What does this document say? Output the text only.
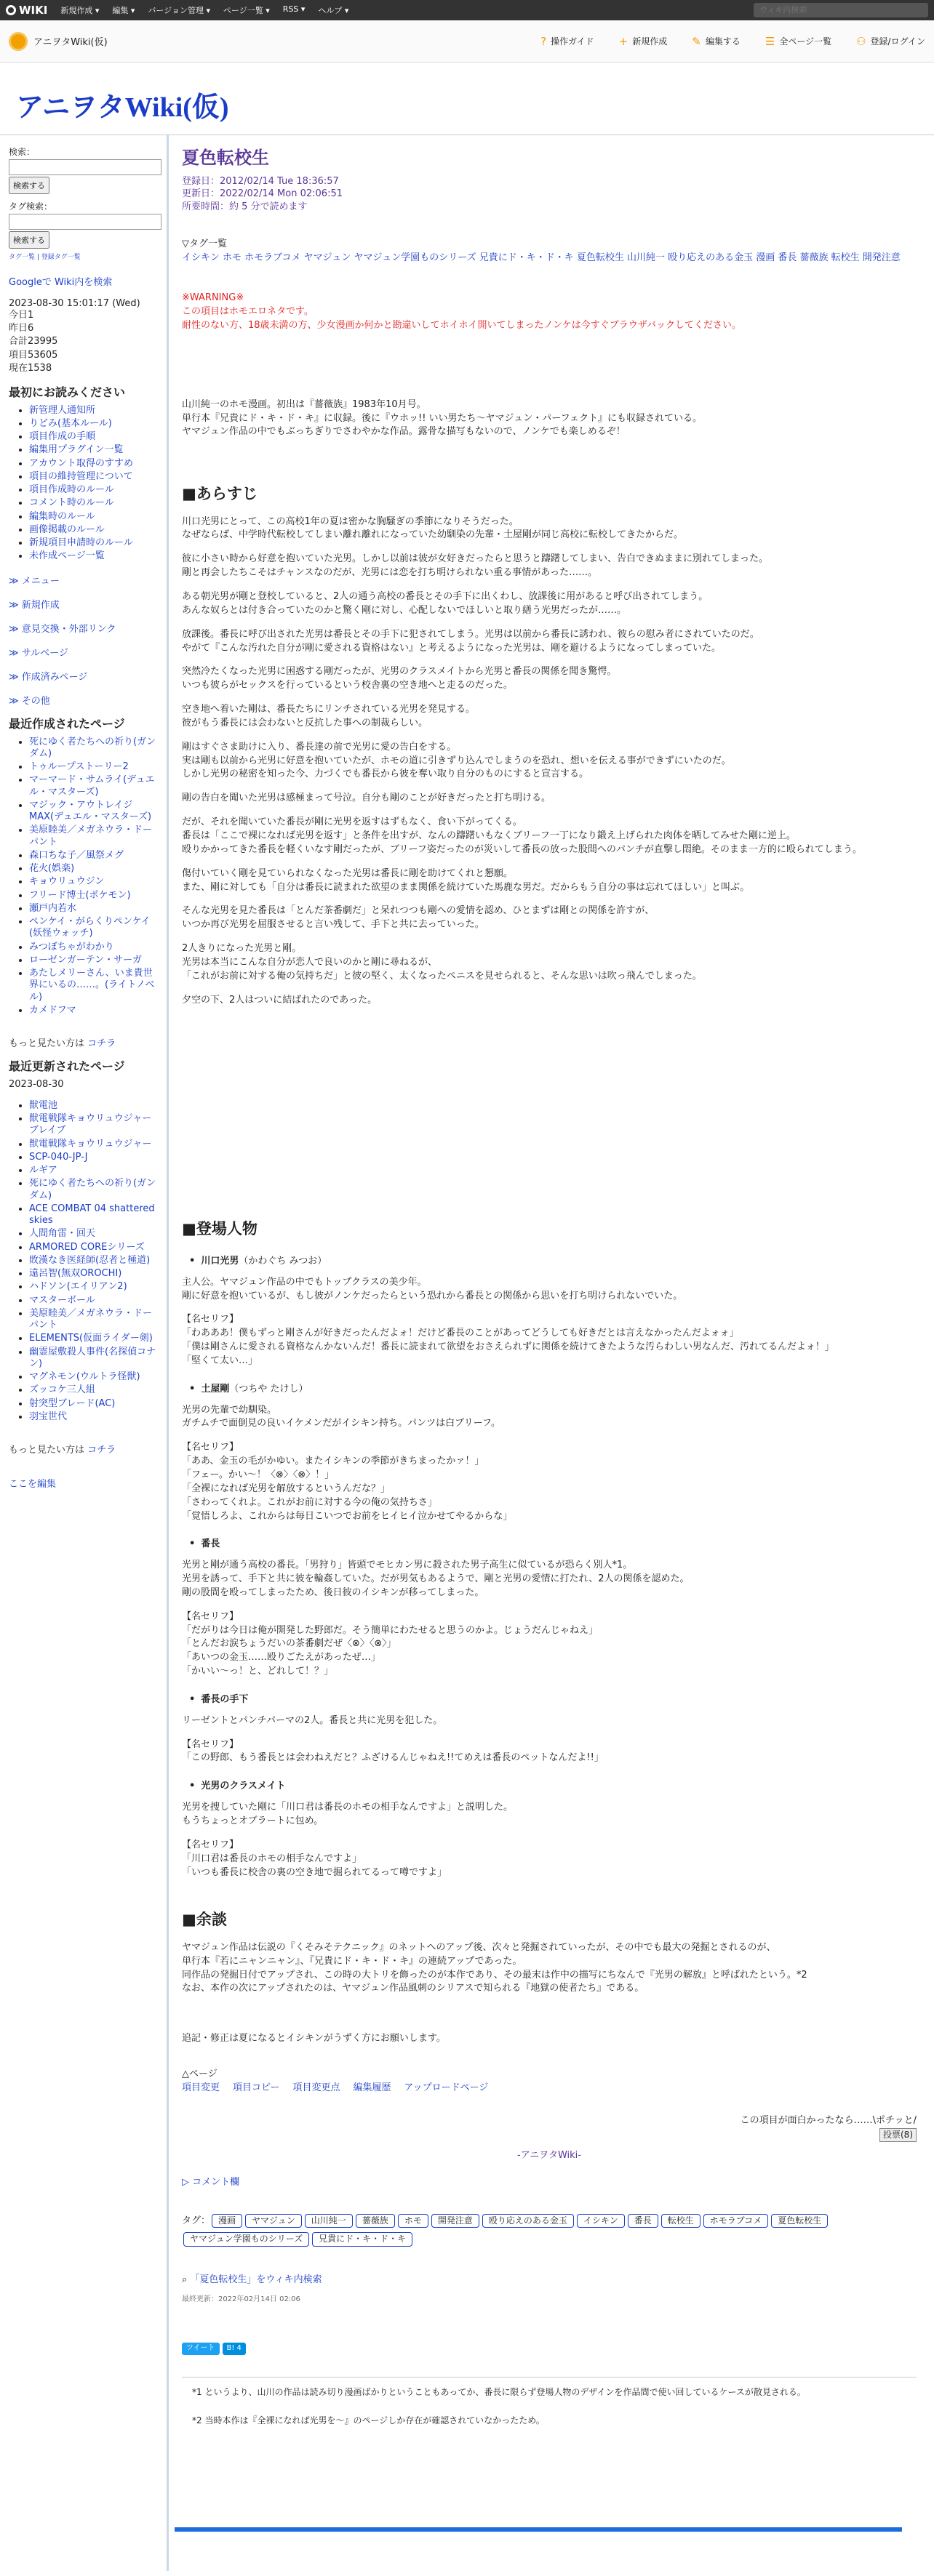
WIKI 新規作成 ▾ 編集 ▾ バージョン管理 ▾ ページ一覧 ▾ RSS ▾ ヘルプ ▾
ウィキ内検索
アニヲタWiki(仮)	? 操作ガイド + 新規作成 ✎ 編集する ☰ 全ページ一覧 ⚇ 登録/ログイン
アニヲタWiki(仮)
検索：

検索する
タグ検索：

検索する
タグ一覧 | 登録タグ一覧
Googleで Wiki内を検索
2023-08-30 15:01:17 (Wed)
今日1
昨日6
合計23995
項目53605
現在1538
最初にお読みください
• 新管理人通知所
• りどみ(基本ルール)
• 項目作成の手順
• 編集用プラグイン一覧
• アカウント取得のすすめ
• 項目の維持管理について
• 項目作成時のルール
• コメント時のルール
• 編集時のルール
• 画像掲載のルール
• 新規項目申請時のルール
• 未作成ページ一覧
≫ メニュー
≫ 新規作成
≫ 意見交換・外部リンク
≫ サルベージ
≫ 作成済みページ
≫ その他
最近作成されたページ
• 死にゆく者たちへの祈り(ガンダム)
• トゥループストーリー2
• マーマード・サムライ(デュエル・マスターズ)
• マジック・アウトレイジMAX(デュエル・マスターズ)
• 美原睦美／メガネウラ・ドーパント
• 森口ちな子／風祭メグ
• 花火(娯楽)
• キョウリュウジン
• フリード博士(ポケモン)
• 瀬戸内若水
• ペンケイ・がらくりペンケイ(妖怪ウォッチ)
• みつぼちゃがわかり
• ローゼンガーテン・サーガ
• あたしメリーさん、いま貴世界にいるの……。(ライトノベル)
• カメドフマ
もっと見たい方は コチラ
最近更新されたページ
2023-08-30
• 獣電池
• 獣電戦隊キョウリュウジャーブレイブ
• 獣電戦隊キョウリュウジャー
• SCP-040-JP-J
• ルギア
• 死にゆく者たちへの祈り(ガンダム)
• ACE COMBAT 04 shattered skies
• 人間角雷・回天
• ARMORED COREシリーズ
• 敗漢なき医経師(忍者と極道)
• 遠呂智(無双OROCHI)
• ハドソン(エイリアン2)
• マスターボール
• 美原睦美／メガネウラ・ドーパント
• ELEMENTS(仮面ライダー剣)
• 幽霊屋敷殺人事件(名探偵コナン)
• マグネモン(ウルトラ怪獣)
• ズッコケ三人組
• 射突型ブレード(AC)
• 羽宝世代
もっと見たい方は コチラ
ここを編集
夏色転校生
登録日：2012/02/14 Tue 18:36:57
更新日：2022/02/14 Mon 02:06:51
所要時間：約 5 分で読めます
▽タグ一覧
イシキン ホモ ホモラブコメ ヤマジュン ヤマジュン学園ものシリーズ 兄貴にド・キ・ド・キ 夏色転校生 山川純一 殴り応えのある金玉 漫画 番長 薔薇族 転校生 開発注意
※WARNING※
この項目はホモエロネタです。
耐性のない方、18歳未満の方、少女漫画か何かと勘違いしてホイホイ開いてしまったノンケは今すぐブラウザバックしてください。
山川純一のホモ漫画。初出は『薔薇族』1983年10月号。
単行本『兄貴にド・キ・ド・キ』に収録。後に『ウホッ!! いい男たち〜ヤマジュン・パーフェクト』にも収録されている。
ヤマジュン作品の中でもぶっちぎりでさわやかな作品。露骨な描写もないので、ノンケでも楽しめるぞ！
■あらすじ

川口光男にとって、この高校1年の夏は密かな胸騒ぎの季節になりそうだった。
なぜならば、中学時代転校してしまい離れ離れになっていた幼馴染の先輩・土屋剛が同じ高校に転校してきたからだ。

彼に小さい時から好意を抱いていた光男。しかし以前は彼が女好きだったらと思うと躊躇してしまい、告白できぬままに別れてしまった。
剛と再会したちこそはチャンスなのだが、光男には恋を打ち明けられない重る事情があった……。

ある朝光男が剛と登校していると、2人の通う高校の番長とその手下に出くわし、放課後に用があると呼び出されてしまう。
あんな奴らとは付き合っていたのかと驚く剛に対し、心配しないでほしいと取り繕う光男だったが……。

放課後。番長に呼び出された光男は番長とその手下に犯されてしまう。光男は以前から番長に誘われ、彼らの慰み者にされていたのだ。
やがて『こんな汚れた自分が剛に愛される資格はない』と考えるようになった光男は、剛を避けるようになってしまっていた。

突然冷たくなった光男に困惑する剛だったが、光男のクラスメイトから光男と番長の関係を聞き驚愕。
いつも彼らがセックスを行っているという校舎裏の空き地へと走るのだった。

空き地へ着いた剛は、番長たちにリンチされている光男を発見する。
彼がもう番長には会わないと反抗した事への制裁らしい。

剛はすぐさま助けに入り、番長達の前で光男に愛の告白をする。
実は剛も以前から光男に好意を抱いていたが、ホモの道に引きずり込んでしまうのを恐れ、想いを伝える事ができずにいたのだ。
しかし光男の秘密を知った今、力づくでも番長から彼を奪い取り自分のものにすると宣言する。

剛の告白を聞いた光男は感極まって号泣。自分も剛のことが好きだったと打ち明ける。

だが、それを聞いていた番長が剛に光男を返すはずもなく、食い下がってくる。
番長は「ここで裸になれば光男を返す」と条件を出すが、なんの躊躇いもなくブリーフ一丁になり鍛え上げられた肉体を晒してみせた剛に逆上。
殴りかかってきた番長を軽くいなす剛だったが、ブリーフ姿だったのが災いして番長の放った股間へのパンチが直撃し悶絶。そのまま一方的に殴られてしまう。

傷付いていく剛を見ていられなくなった光男は番長に剛を助けてくれと懇願。
また、剛に対しても「自分は番長に読まれた欲望のまま関係を続けていた馬鹿な男だ。だからもう自分の事は忘れてほしい」と叫ぶ。

そんな光男を見た番長は「とんだ茶番劇だ」と呆れつつも剛への愛情を認め、ひとまずは剛との関係を許すが、
いつか再び光男を屈服させると言い残して、手下と共に去っていった。

2人きりになった光男と剛。
光男は本当にこんな自分が恋人で良いのかと剛に尋ねるが、
「これがお前に対する俺の気持ちだ」と彼の堅く、太くなったペニスを見せられると、そんな思いは吹っ飛んでしまった。

夕空の下、2人はついに結ばれたのであった。

■登場人物
• 川口光男（かわぐち みつお）

主人公。ヤマジュン作品の中でもトップクラスの美少年。
剛に好意を抱いているが、もし彼がノンケだったらという恐れから番長との関係から思いを打ち明けられないでいた。

【名セリフ】
「わあああ！僕もずっと剛さんが好きだったんだよォ！だけど番長のことがあってどうしても好きだとは言えなかったんだよォォ」
「僕は剛さんに愛される資格なんかないんだ！番長に読まれて欲望をおさえられずに関係を続けてきたような汚らわしい男なんだ、汚れてるんだよォ！」
「堅くて太い…」

• 土屋剛（つちや たけし）

光男の先輩で幼馴染。
ガチムチで面倒見の良いイケメンだがイシキン持ち。パンツは白ブリーフ。

【名セリフ】
「ああ、金玉の毛がかゆい。またイシキンの季節がきちまったかァ！」
「フェー。かい〜！〈⊗〉〈⊗〉！」
「全裸になれば光男を解放するというんだな？」
「さわってくれよ。これがお前に対する今の俺の気持ちさ」
「覚悟しろよ、これからは毎日こいつでお前をヒイヒイ泣かせてやるからな」

• 番長

光男と剛が通う高校の番長。「男狩り」皆頭でモヒカン男に殺された男子高生に似ているが恐らく別人*1。
光男を誘って、手下と共に彼を輪姦していた。だが男気もあるようで、剛と光男の愛情に打たれ、2人の関係を認めた。
剛の股間を殴ってしまったため、後日彼のイシキンが移ってしまった。

【名セリフ】
「だがりは今日は俺が開発した野郎だ。そう簡単にわたせると思うのかよ。じょうだんじゃねえ」
「とんだお涙ちょうだいの茶番劇だぜ〈⊗〉〈⊗〉」
「あいつの金玉……殴りごたえがあったぜ…」
「かいい〜っ！と、どれして！？」

• 番長の手下

リーゼントとパンチパーマの2人。番長と共に光男を犯した。

【名セリフ】
「この野郎、もう番長とは会わねえだと？ふざけるんじゃねえ!!てめえは番長のペットなんだよ!!」

• 光男のクラスメイト

光男を捜していた剛に「川口君は番長のホモの相手なんですよ」と説明した。
もうちょっとオブラートに包め。

【名セリフ】
「川口君は番長のホモの相手なんですよ」
「いつも番長に校舎の裏の空き地で掘られてるって噂ですよ」

■余談

ヤマジュン作品は伝説の『くそみそテクニック』のネットへのアップ後、次々と発掘されていったが、その中でも最大の発掘とされるのが、
単行本『若にニャンニャン』、『兄貴にド・キ・ド・キ』の連続アップであった。
同作品の発掘日付でアップされ、この時の大トリを飾ったのが本作であり、その最末は作中の描写にちなんで『光男の解放』と呼ばれたという。*2
なお、本作の次にアップされたのは、ヤマジュン作品風刺のシリアスで知られる『地獄の使者たち』である。

追記・修正は夏になるとイシキンがうずく方にお願いします。

△ページ
項目変更 項目コピー 項目変更点 編集履歴 アップロードページ
この項目が面白かったなら……\ポチッと/
投票(8)
-アニヲタWiki-
▷ コメント欄
タグ： 漫画 ヤマジュン 山川純一 薔薇族 ホモ 開発注意 殴り応えのある金玉 イシキン 番長 転校生 ホモラブコメ 夏色転校生ヤマジュン学園ものシリーズ 兄貴にド・キ・ド・キ
⌕ 「夏色転校生」をウィキ内検索
最終更新：2022年02月14日 02:06
ツイート B! 4
*1 というより、山川の作品は読み切り漫画ばかりということもあってか、番長に限らず登場人物のデザインを作品間で使い回しているケースが散見される。
*2 当時本作は『全裸になれば光男を〜』のページしか存在が確認されていなかったため。
